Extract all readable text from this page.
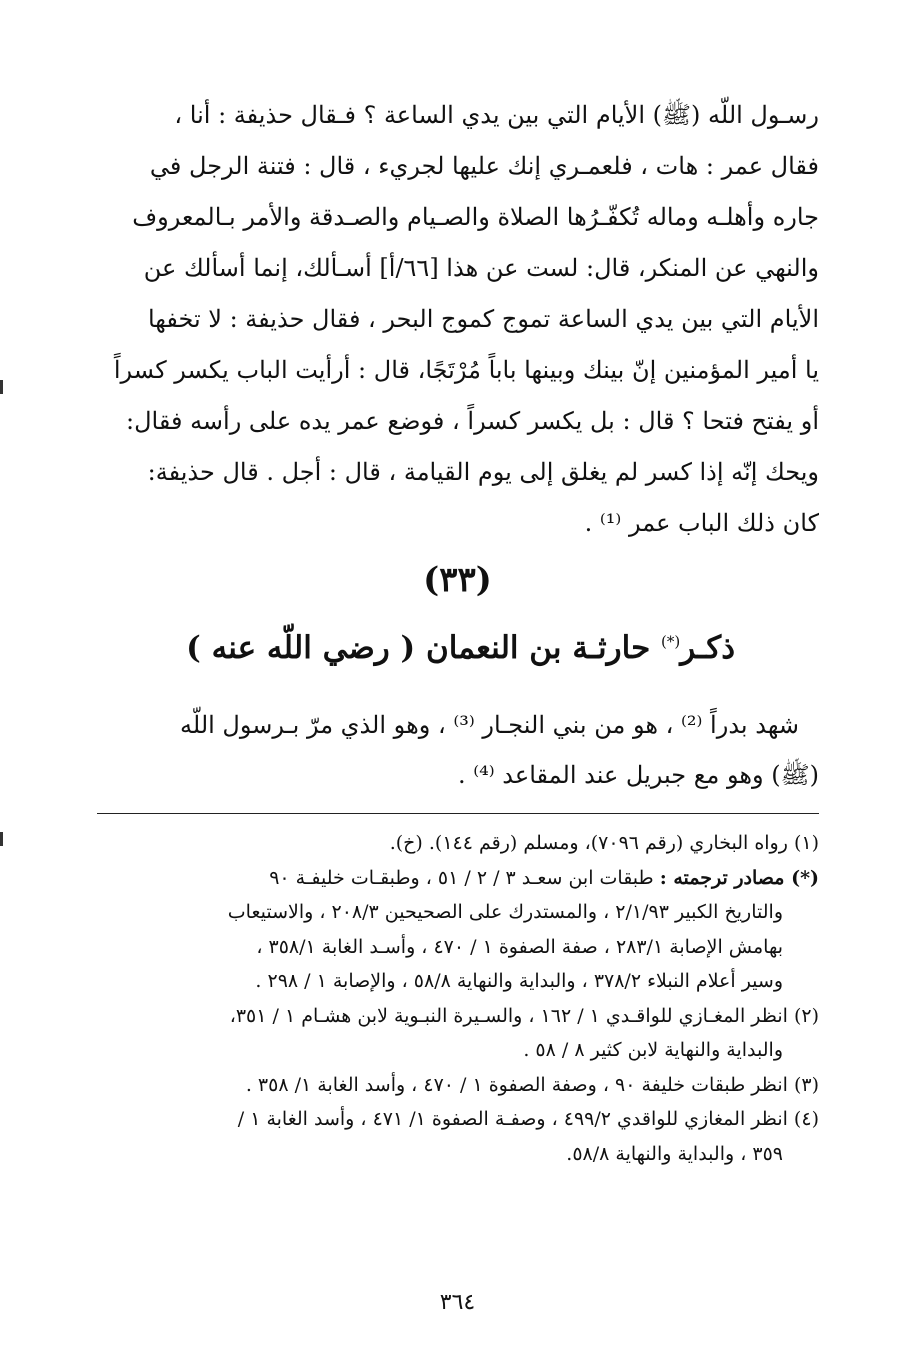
رسـول اللّه (ﷺ) الأيام التي بين يدي الساعة ؟ فـقال حذيفة : أنا ،
فقال عمر : هات ، فلعمـري إنك عليها لجريء ، قال : فتنة الرجل في
جاره وأهلـه وماله تُكفّـرُها الصلاة والصـيام والصـدقة والأمر بـالمعروف
والنهي عن المنكر، قال: لست عن هذا [٦٦/أ] أسـألك، إنما أسألك عن
الأيام التي بين يدي الساعة تموج كموج البحر ، فقال حذيفة : لا تخفها
يا أمير المؤمنين إنّ بينك وبينها باباً مُرْتَجًا، قال : أرأيت الباب يكسر كسراً
أو يفتح فتحا ؟ قال : بل يكسر كسراً ، فوضع عمر يده على رأسه فقال:
ويحك إنّه إذا كسر لم يغلق إلى يوم القيامة ، قال : أجل . قال حذيفة:
كان ذلك الباب عمر ⁽¹⁾ .
(٣٣)
ذكـر(*) حارثـة بن النعمان ( رضي اللّه عنه )
شهد بدراً ⁽²⁾ ، هو من بني النجـار ⁽³⁾ ، وهو الذي مرّ بـرسول اللّه
(ﷺ) وهو مع جبريل عند المقاعد ⁽⁴⁾ .
(١) رواه البخاري (رقم ٧٠٩٦)، ومسلم (رقم ١٤٤). (خ).
(*) مصادر ترجمته : طبقات ابن سعـد ٣ / ٢ / ٥١ ، وطبقـات خليفـة ٩٠
والتاريخ الكبير ٢/١/٩٣ ، والمستدرك على الصحيحين ٢٠٨/٣ ، والاستيعاب
بهامش الإصابة ٢٨٣/١ ، صفة الصفوة ١ / ٤٧٠ ، وأسـد الغابة ٣٥٨/١ ،
وسير أعلام النبلاء ٣٧٨/٢ ، والبداية والنهاية ٥٨/٨ ، والإصابة ١ / ٢٩٨ .
(٢) انظر المغـازي للواقـدي ١ / ١٦٢ ، والسـيرة النبـوية لابن هشـام ١ / ٣٥١،
والبداية والنهاية لابن كثير ٨ / ٥٨ .
(٣) انظر طبقات خليفة ٩٠ ، وصفة الصفوة ١ / ٤٧٠ ، وأسد الغابة ١/ ٣٥٨ .
(٤) انظر المغازي للواقدي ٤٩٩/٢ ، وصفـة الصفوة ١/ ٤٧١ ، وأسد الغابة ١ /
٣٥٩ ، والبداية والنهاية ٥٨/٨.
٣٦٤
